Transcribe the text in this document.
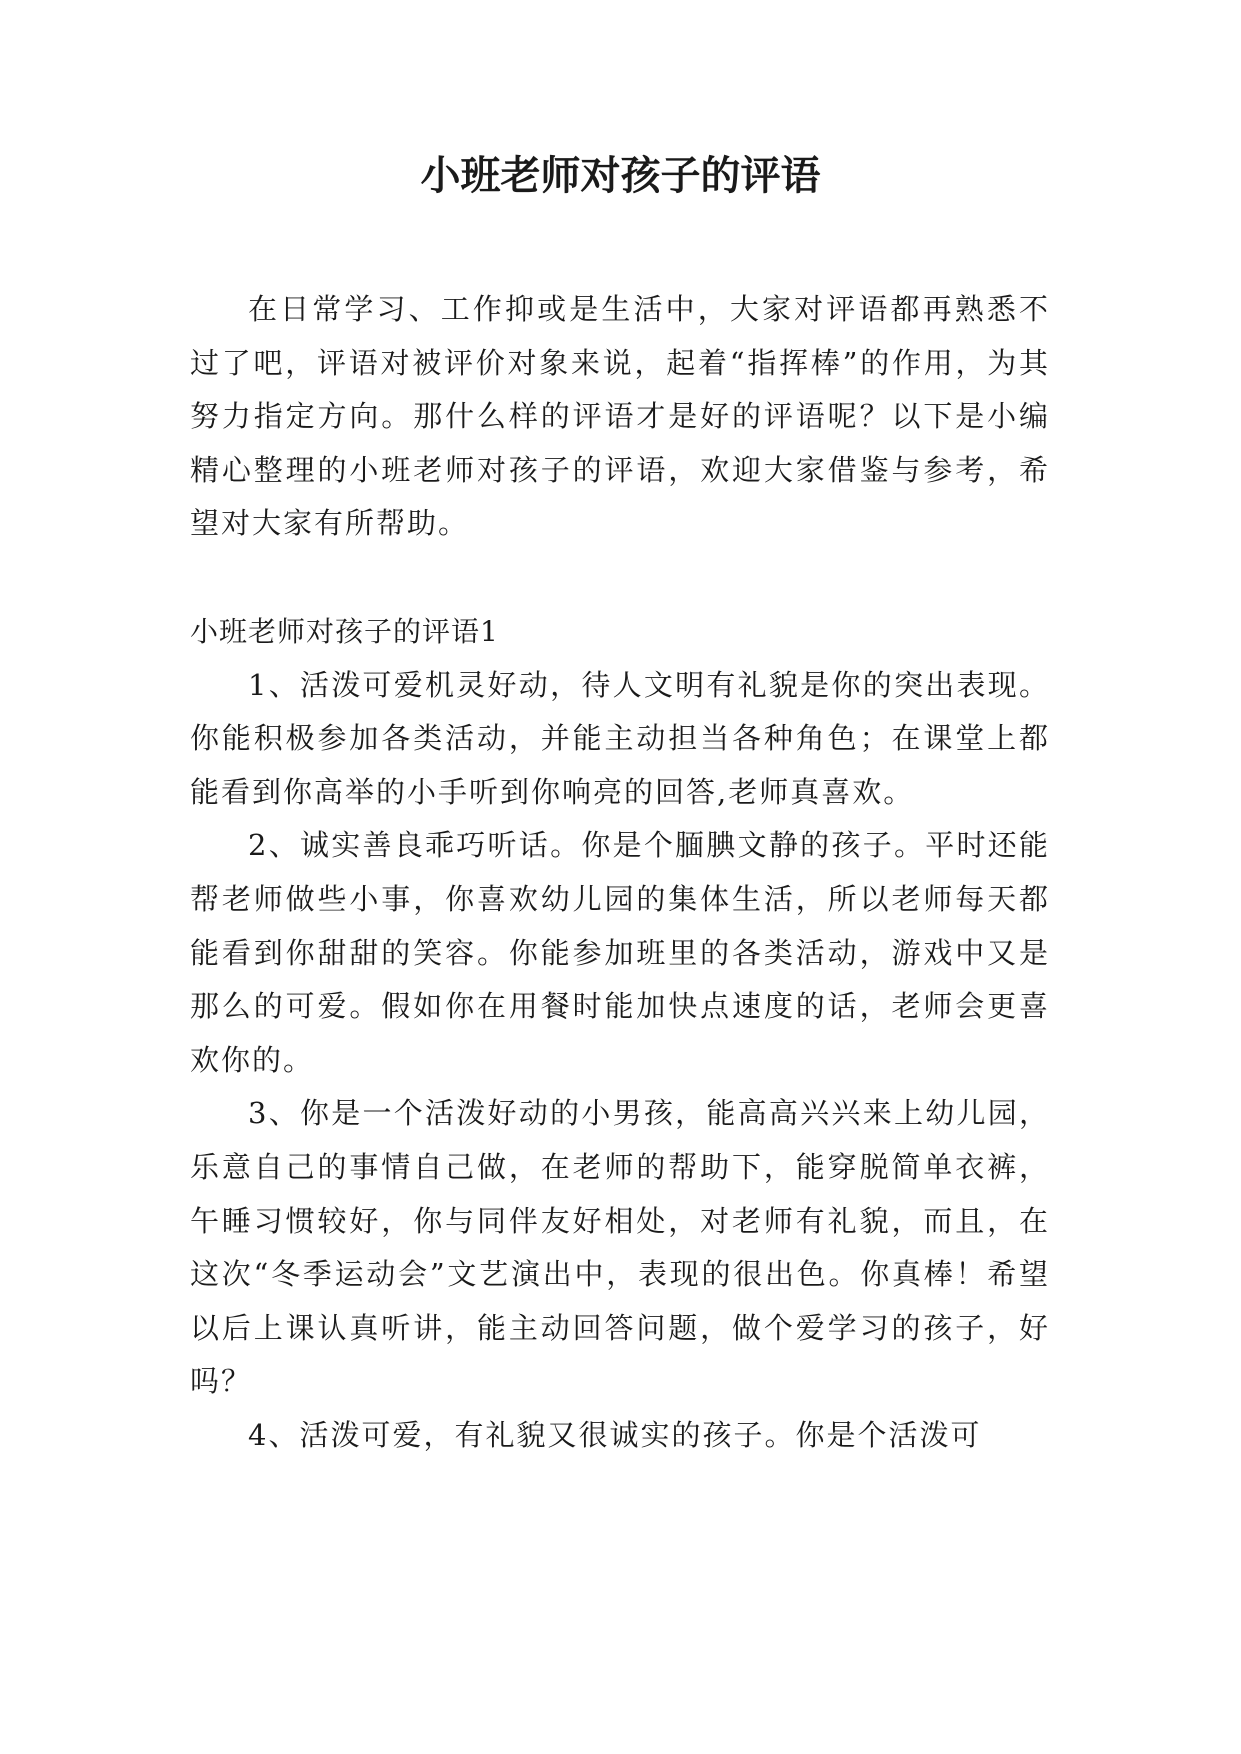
小班老师对孩子的评语

在日常学习、工作抑或是生活中，大家对评语都再熟悉不过了吧，评语对被评价对象来说，起着“指挥棒”的作用，为其努力指定方向。那什么样的评语才是好的评语呢？以下是小编精心整理的小班老师对孩子的评语，欢迎大家借鉴与参考，希望对大家有所帮助。

小班老师对孩子的评语1

1、活泼可爱机灵好动，待人文明有礼貌是你的突出表现。你能积极参加各类活动，并能主动担当各种角色；在课堂上都能看到你高举的小手听到你响亮的回答,老师真喜欢。

2、诚实善良乖巧听话。你是个腼腆文静的孩子。平时还能帮老师做些小事，你喜欢幼儿园的集体生活，所以老师每天都能看到你甜甜的笑容。你能参加班里的各类活动，游戏中又是那么的可爱。假如你在用餐时能加快点速度的话，老师会更喜欢你的。

3、你是一个活泼好动的小男孩，能高高兴兴来上幼儿园，乐意自己的事情自己做，在老师的帮助下，能穿脱简单衣裤，午睡习惯较好，你与同伴友好相处，对老师有礼貌，而且，在这次“冬季运动会”文艺演出中，表现的很出色。你真棒！希望以后上课认真听讲，能主动回答问题，做个爱学习的孩子，好吗？

4、活泼可爱，有礼貌又很诚实的孩子。你是个活泼可
